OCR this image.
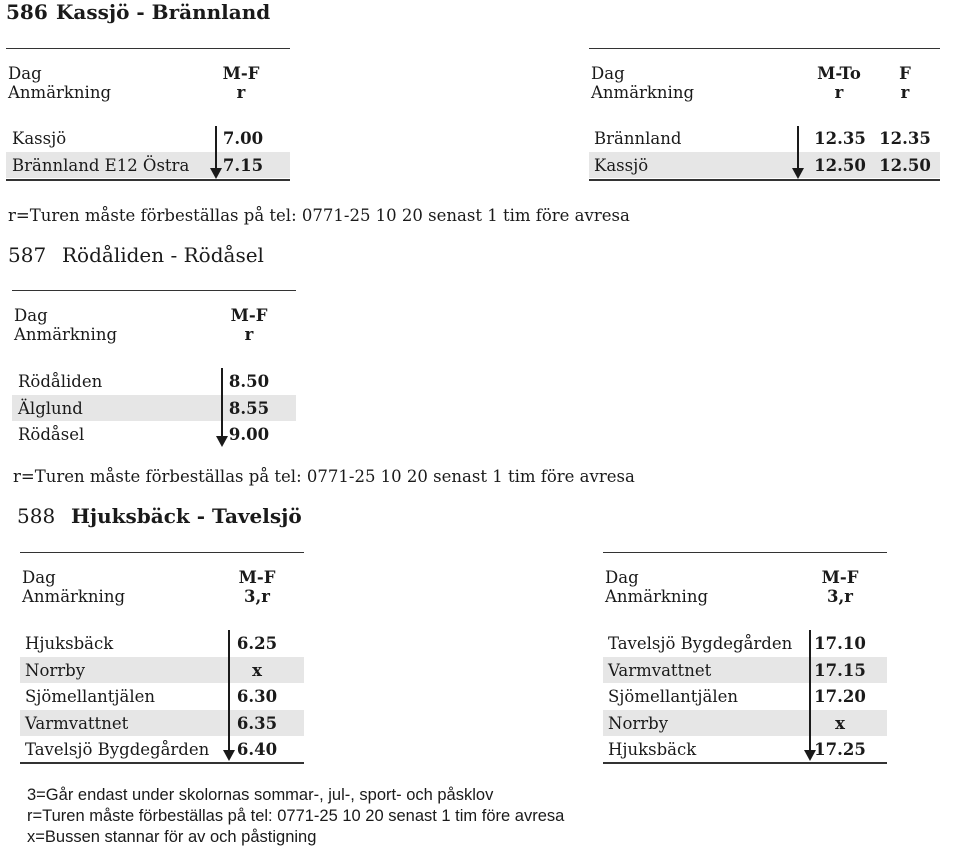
586 Kassjö - Brännland
Dag
Anmärkning
M-F
r
Kassjö	7.00
Brännland E12 Östra 7.15
Dag
Anmärkning
M-To
r
F
r
Brännland	12.35 12.35
Kassjö	12.50 12.50
r=Turen måste förbeställas på tel: 0771-25 10 20 senast 1 tim före avresa
587 Rödåliden - Rödåsel
Dag
Anmärkning
M-F
r
Rödåliden	8.50
Älglund	8.55
Rödåsel	9.00
r=Turen måste förbeställas på tel: 0771-25 10 20 senast 1 tim före avresa
588 Hjuksbäck - Tavelsjö
Dag
Anmärkning
M-F
3,r
Hjuksbäck	6.25
Norrby	x
Sjömellantjälen	6.30
Varmvattnet	6.35
Tavelsjö Bygdegården 6.40
Dag
Anmärkning
M-F
3,r
Tavelsjö Bygdegården 17.10
Varmvattnet	17.15
Sjömellantjälen	17.20
Norrby	x
Hjuksbäck	17.25
3=Går endast under skolornas sommar-, jul-, sport- och påsklov
r=Turen måste förbeställas på tel: 0771-25 10 20 senast 1 tim före avresa
x=Bussen stannar för av och påstigning
